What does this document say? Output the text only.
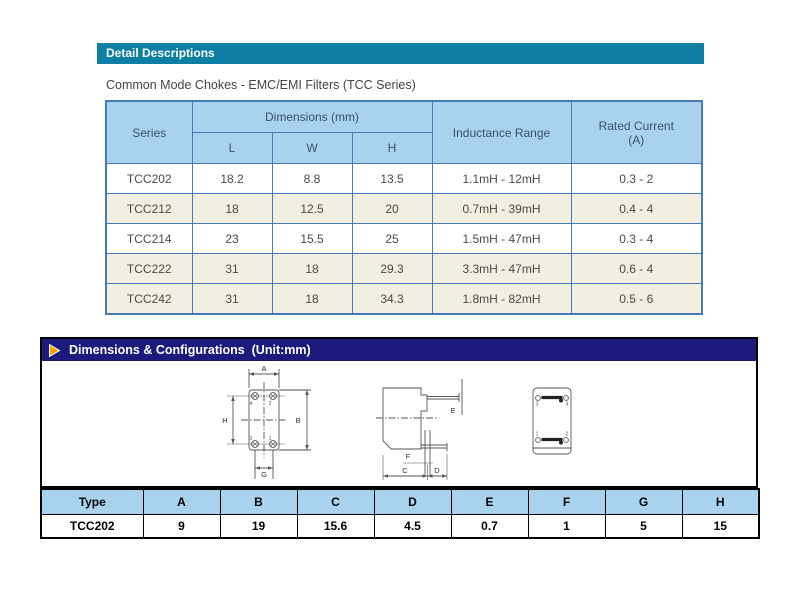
Detail Descriptions
Common Mode Chokes - EMC/EMI Filters (TCC Series)
Series	Dimensions (mm)			Inductance Range	Rated Current
(A)

	L	W	H		
TCC202	18.2	8.8	13.5	1.1mH - 12mH	0.3 - 2
TCC212	18	12.5	20	0.7mH - 39mH	0.4 - 4
TCC214	23	15.5	25	1.5mH - 47mH	0.3 - 4
TCC222	31	18	29.3	3.3mH - 47mH	0.6 - 4
TCC242	31	18	34.3	1.8mH - 82mH	0.5 - 6
Dimensions & Configurations  (Unit:mm)
A
4	3
2	1
H	B
G
E
F
C	D
3	4
1	2
Type	A	B	C	D	E	F	G	H
TCC202	9	19	15.6	4.5	0.7	1	5	15
